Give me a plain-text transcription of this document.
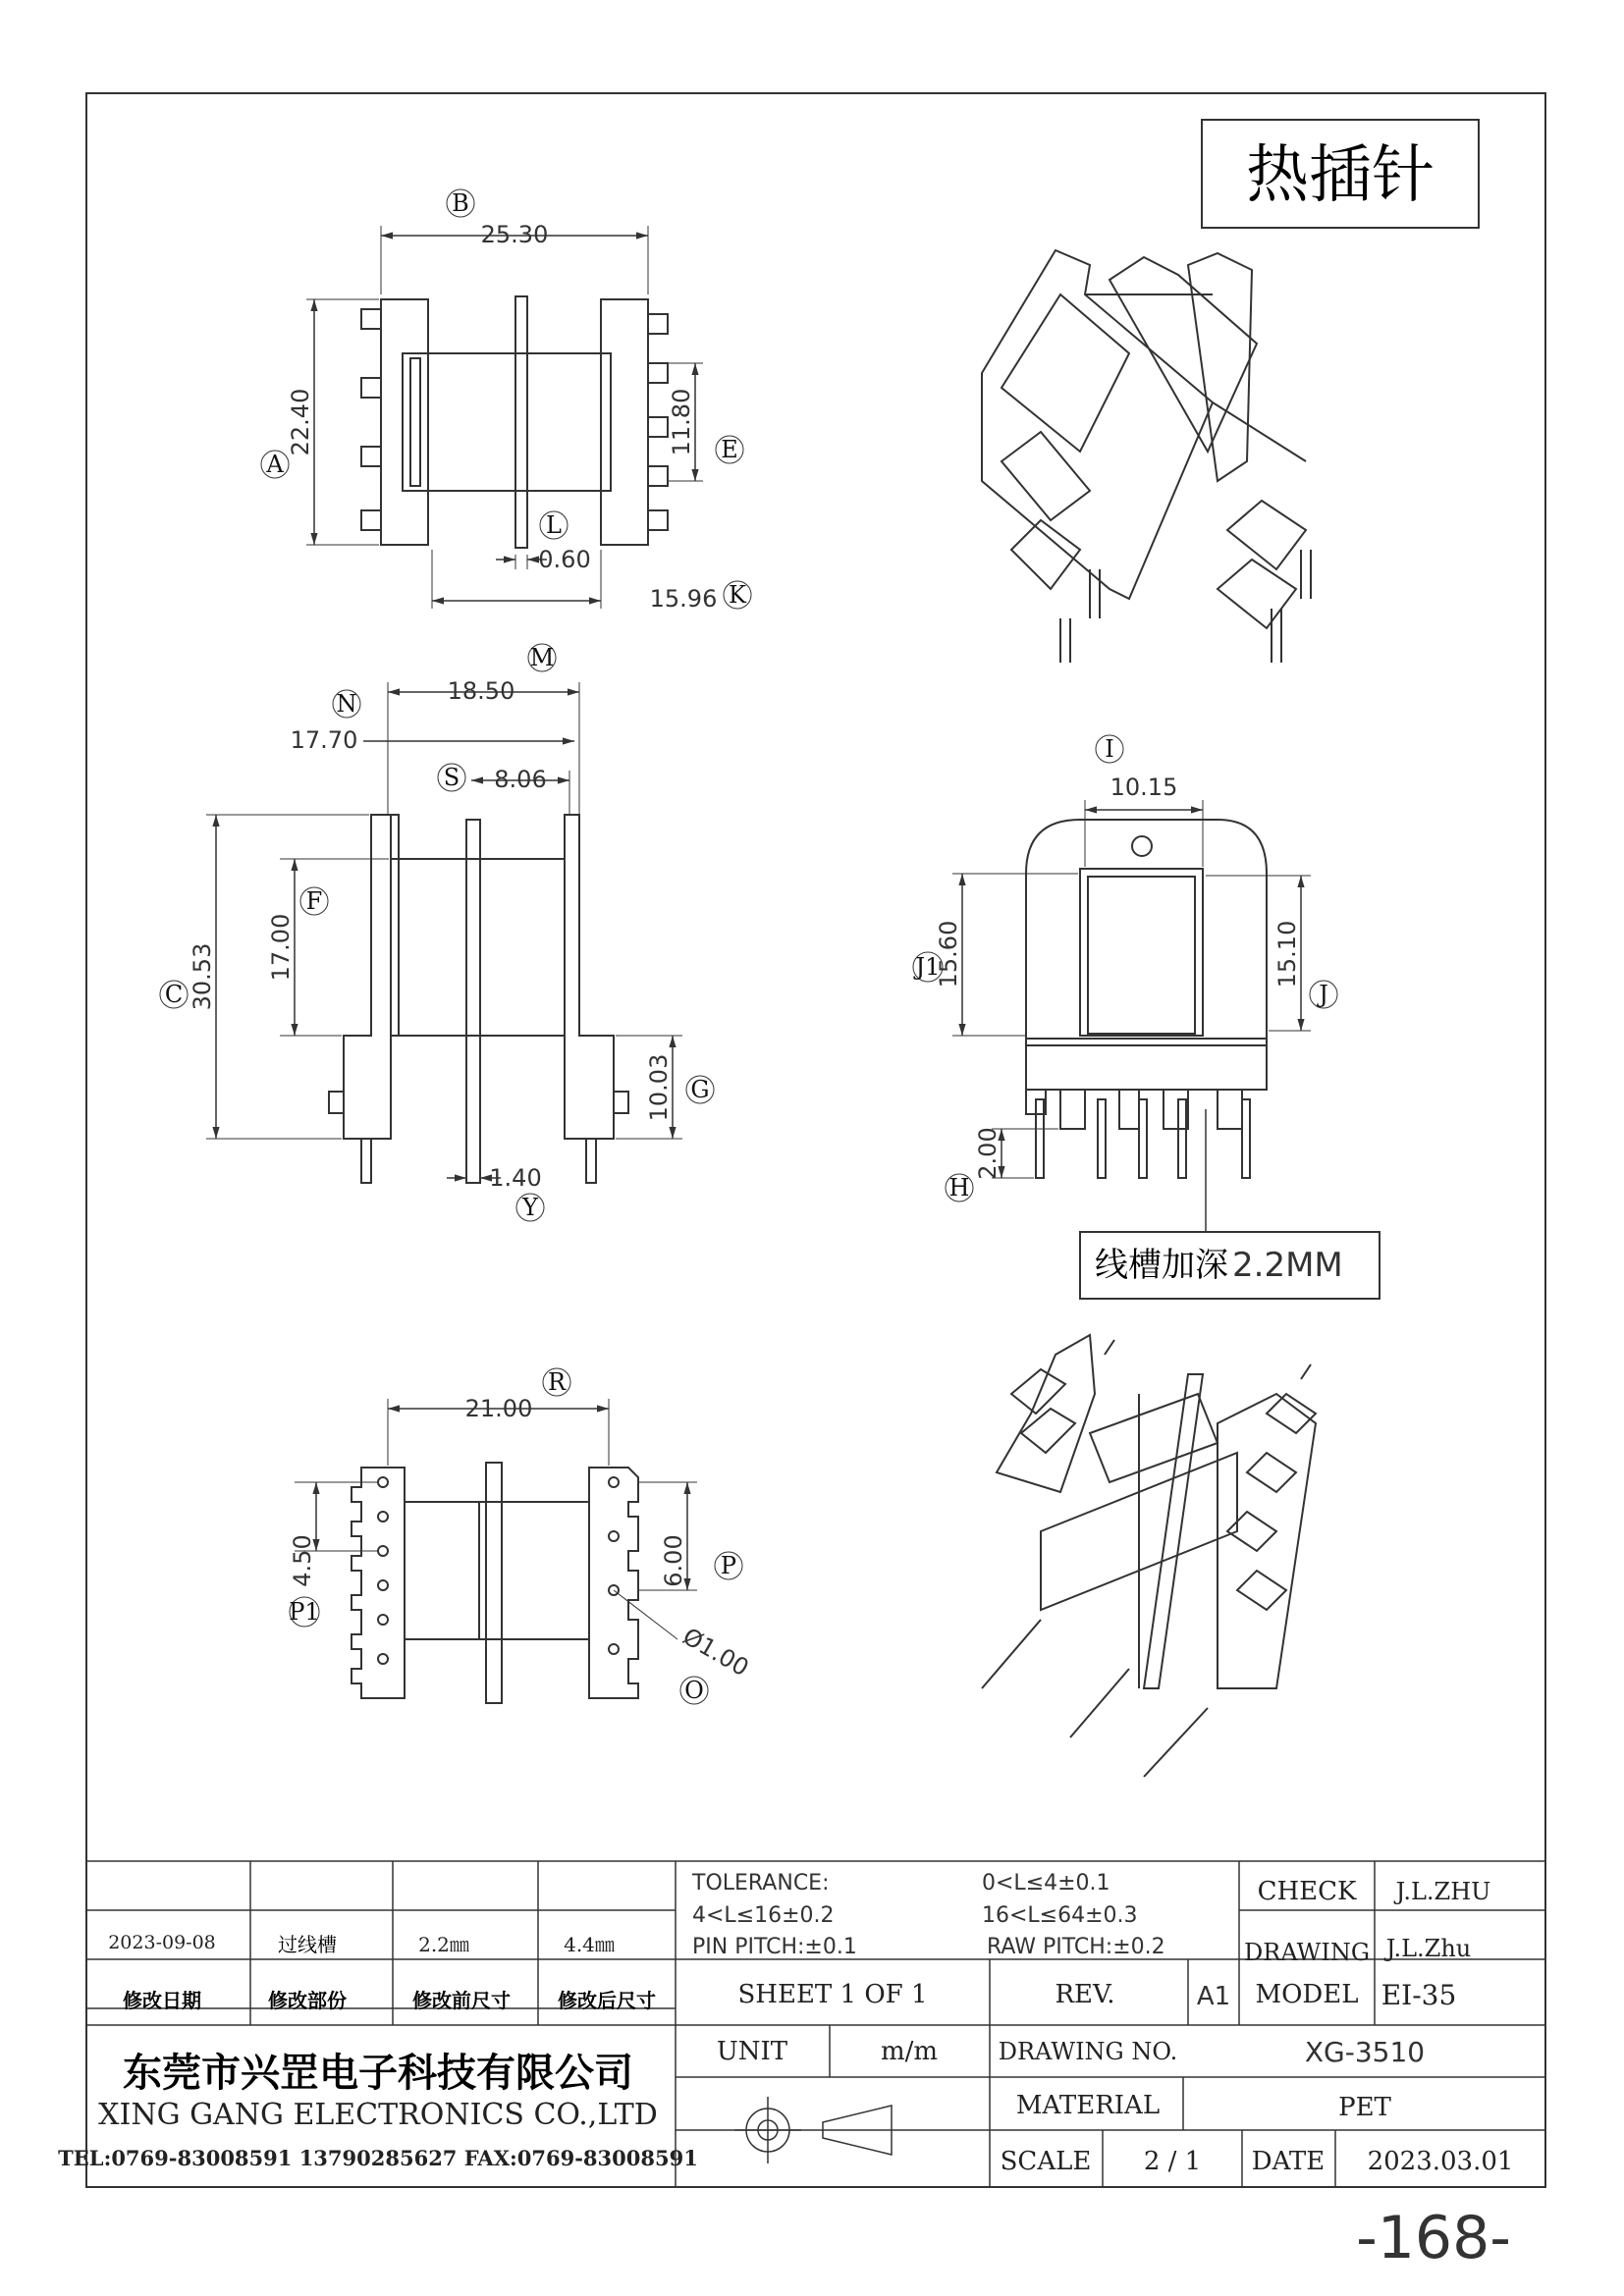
热插针
25.30
22.40	11.80
0.60
15.96
B
A
E
L
K
18.50
17.70
8.06
30.53 17.00
10.03
1.40
M
N
S
F
C
G
Y
10.15
15.60	15.10
2.00
线槽加深 2.2MM
I
J1
J
H
21.00
4.50	6.00
Ø1.00
R
P
P1
O
2023-09-08	过线槽	2.2㎜	4.4㎜
修改日期	修改部份	修改前尺寸 修改后尺寸
TOLERANCE:	0<L≤4±0.1
4<L≤16±0.2	16<L≤64±0.3
PIN PITCH:±0.1	RAW PITCH:±0.2
CHECK J.L.ZHU
DRAWING J.L.Zhu
SHEET 1 OF 1	REV.	A1 MODEL EI-35
UNIT	m/m	DRAWING NO.	XG-3510
MATERIAL	PET
SCALE 2 / 1 DATE 2023.03.01
东莞市兴罡电子科技有限公司
XING GANG ELECTRONICS CO.,LTD
TEL:0769-83008591 13790285627 FAX:0769-83008591
-168-
